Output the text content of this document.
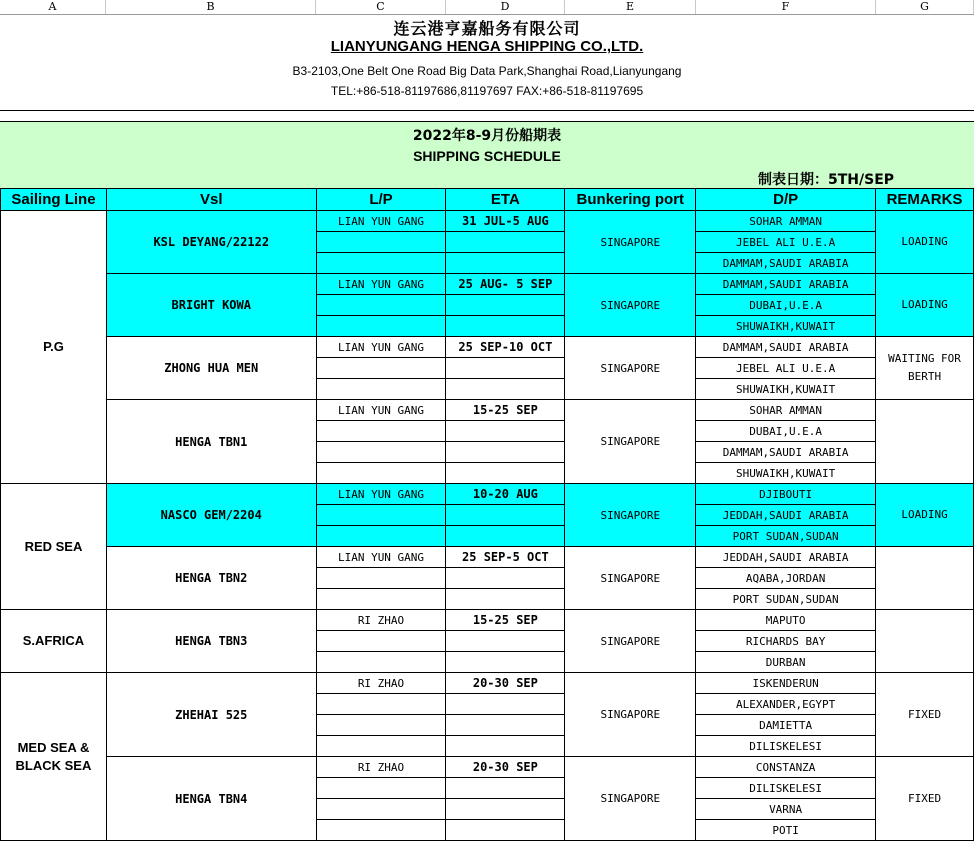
A	B	C	D	E	F	G
连云港亨嘉船务有限公司
LIANYUNGANG HENGA SHIPPING CO.,LTD.
B3-2103,One Belt One Road Big Data Park,Shanghai Road,Lianyungang
TEL:+86-518-81197686,81197697 FAX:+86-518-81197695
2022年8-9月份船期表
SHIPPING SCHEDULE
制表日期：5TH/SEP
Sailing Line	Vsl	L/P	ETA	Bunkering port	D/P	REMARKS
P.G	KSL DEYANG/22122	LIAN YUN GANG	31 JUL-5 AUG	SINGAPORE	SOHAR AMMAN	LOADING
					JEBEL ALI U.E.A	
					DAMMAM,SAUDI ARABIA	
	BRIGHT KOWA	LIAN YUN GANG	25 AUG- 5 SEP	SINGAPORE	DAMMAM,SAUDI ARABIA	LOADING
					DUBAI,U.E.A	
					SHUWAIKH,KUWAIT	
	ZHONG HUA MEN	LIAN YUN GANG	25 SEP-10 OCT	SINGAPORE	DAMMAM,SAUDI ARABIA	WAITING FOR BERTH
					JEBEL ALI U.E.A	
					SHUWAIKH,KUWAIT	
	HENGA TBN1	LIAN YUN GANG	15-25 SEP	SINGAPORE	SOHAR AMMAN	
					DUBAI,U.E.A	
					DAMMAM,SAUDI ARABIA	
					SHUWAIKH,KUWAIT	
RED SEA	NASCO GEM/2204	LIAN YUN GANG	10-20 AUG	SINGAPORE	DJIBOUTI	LOADING
					JEDDAH,SAUDI ARABIA	
					PORT SUDAN,SUDAN	
	HENGA TBN2	LIAN YUN GANG	25 SEP-5 OCT	SINGAPORE	JEDDAH,SAUDI ARABIA	
					AQABA,JORDAN	
					PORT SUDAN,SUDAN	
S.AFRICA	HENGA TBN3	RI ZHAO	15-25 SEP	SINGAPORE	MAPUTO	
					RICHARDS BAY	
					DURBAN	
MED SEA & BLACK SEA	ZHEHAI 525	RI ZHAO	20-30 SEP	SINGAPORE	ISKENDERUN	FIXED
					ALEXANDER,EGYPT	
					DAMIETTA	
					DILISKELESI	
	HENGA TBN4	RI ZHAO	20-30 SEP	SINGAPORE	CONSTANZA	FIXED
					DILISKELESI	
					VARNA	
					POTI	
